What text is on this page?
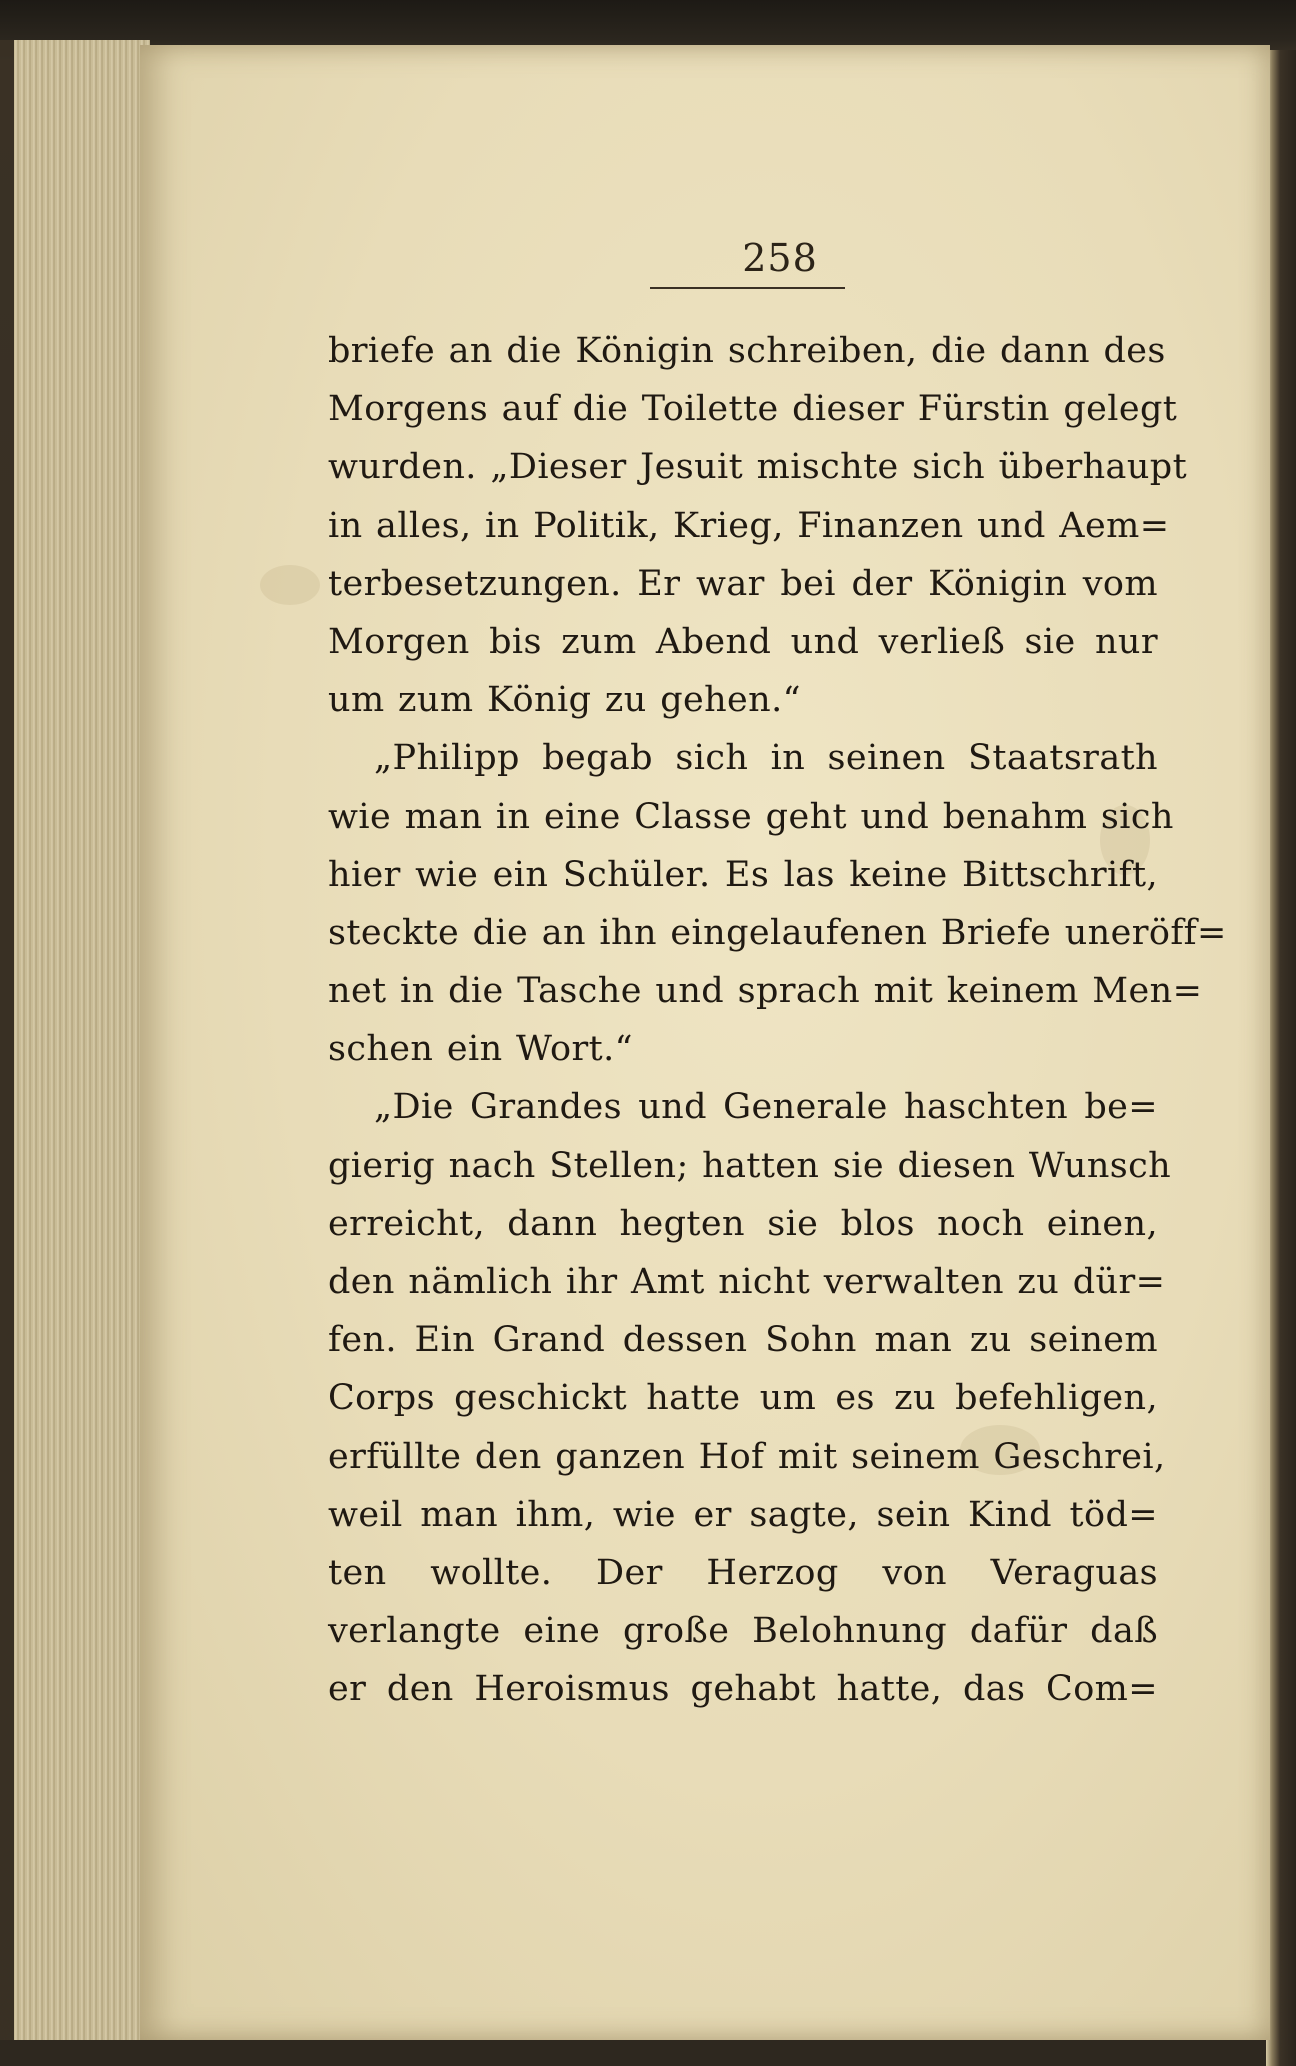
258
briefe an die Königin schreiben, die dann des
Morgens auf die Toilette dieser Fürstin gelegt
wurden. „Dieser Jesuit mischte sich überhaupt
in alles, in Politik, Krieg, Finanzen und Aem=
terbesetzungen. Er war bei der Königin vom
Morgen bis zum Abend und verließ sie nur
um zum König zu gehen.“
„Philipp begab sich in seinen Staatsrath
wie man in eine Classe geht und benahm sich
hier wie ein Schüler. Es las keine Bittschrift,
steckte die an ihn eingelaufenen Briefe uneröff=
net in die Tasche und sprach mit keinem Men=
schen ein Wort.“
„Die Grandes und Generale haschten be=
gierig nach Stellen; hatten sie diesen Wunsch
erreicht, dann hegten sie blos noch einen,
den nämlich ihr Amt nicht verwalten zu dür=
fen. Ein Grand dessen Sohn man zu seinem
Corps geschickt hatte um es zu befehligen,
erfüllte den ganzen Hof mit seinem Geschrei,
weil man ihm, wie er sagte, sein Kind töd=
ten wollte. Der Herzog von Veraguas
verlangte eine große Belohnung dafür daß
er den Heroismus gehabt hatte, das Com=
